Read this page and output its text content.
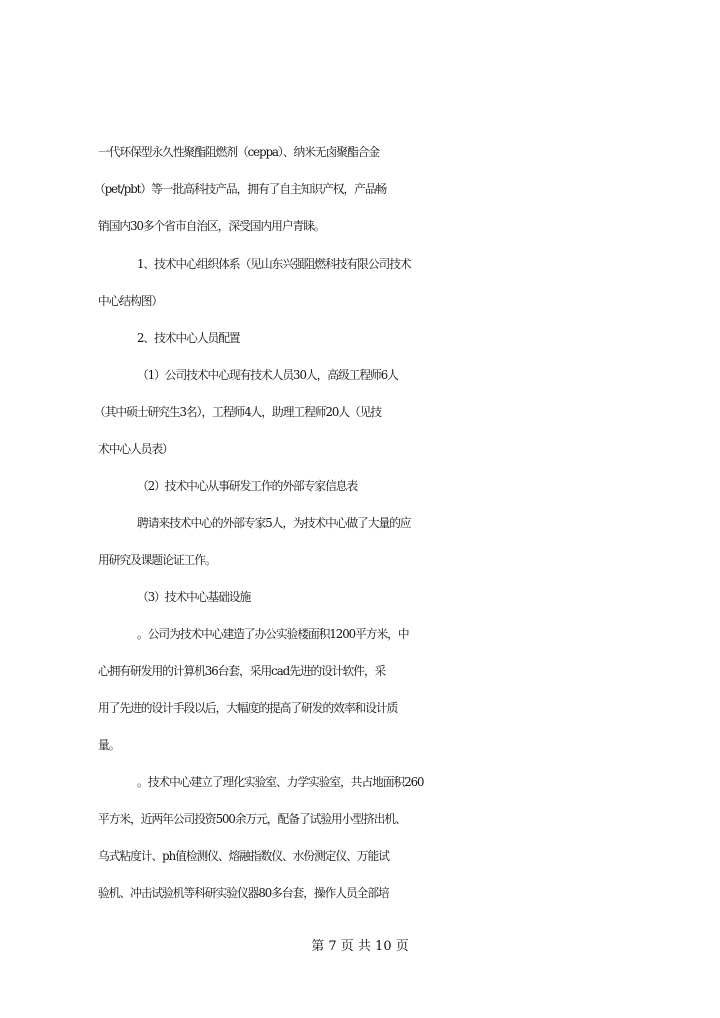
一代环保型永久性聚酯阻燃剂（ceppa）、纳米无卤聚酯合金
（pet/pbt）等一批高科技产品，拥有了自主知识产权，产品畅
销国内30多个省市自治区，深受国内用户青睐。
1、技术中心组织体系（见山东兴强阻燃科技有限公司技术
中心结构图）
2、技术中心人员配置
（1）公司技术中心现有技术人员30人，高级工程师6人
（其中硕士研究生3名），工程师4人，助理工程师20人（见技
术中心人员表）
（2）技术中心从事研发工作的外部专家信息表
聘请来技术中心的外部专家5人，为技术中心做了大量的应
用研究及课题论证工作。
（3）技术中心基础设施
。公司为技术中心建造了办公实验楼面积1200平方米，中
心拥有研发用的计算机36台套，采用cad先进的设计软件，采
用了先进的设计手段以后，大幅度的提高了研发的效率和设计质
量。
。技术中心建立了理化实验室、力学实验室，共占地面积260
平方米，近两年公司投资500余万元，配备了试验用小型挤出机、
乌式粘度计、ph值检测仪、熔融指数仪、水份测定仪、万能试
验机、冲击试验机等科研实验仪器80多台套，操作人员全部培
第 7 页 共 10 页
